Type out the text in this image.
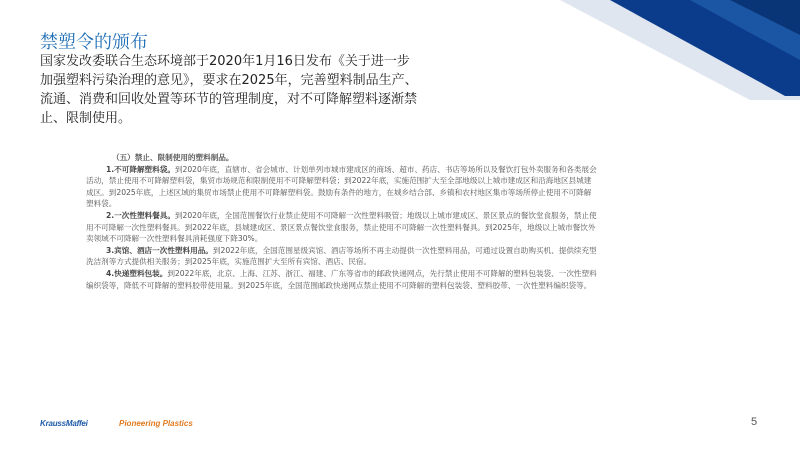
禁塑令的颁布
国家发改委联合生态环境部于2020年1月16日发布《关于进一步加强塑料污染治理的意见》，要求在2025年，完善塑料制品生产、流通、消费和回收处置等环节的管理制度，对不可降解塑料逐渐禁止、限制使用。
（五）禁止、限制使用的塑料制品。

1.不可降解塑料袋。到2020年底，直辖市、省会城市、计划单列市城市建成区的商场、超市、药店、书店等场所以及餐饮打包外卖服务和各类展会活动，禁止使用不可降解塑料袋，集贸市场规范和限制使用不可降解塑料袋；到2022年底，实施范围扩大至全部地级以上城市建成区和沿海地区县城建成区。到2025年底，上述区域的集贸市场禁止使用不可降解塑料袋。鼓励有条件的地方，在城乡结合部、乡镇和农村地区集市等场所停止使用不可降解塑料袋。

2.一次性塑料餐具。到2020年底，全国范围餐饮行业禁止使用不可降解一次性塑料吸管；地级以上城市建成区、景区景点的餐饮堂食服务，禁止使用不可降解一次性塑料餐具。到2022年底，县城建成区、景区景点餐饮堂食服务，禁止使用不可降解一次性塑料餐具。到2025年，地级以上城市餐饮外卖领域不可降解一次性塑料餐具消耗强度下降30%。

3.宾馆、酒店一次性塑料用品。到2022年底，全国范围星级宾馆、酒店等场所不再主动提供一次性塑料用品，可通过设置自助购买机、提供续充型洗洁剂等方式提供相关服务；到2025年底，实施范围扩大至所有宾馆、酒店、民宿。

4.快递塑料包装。到2022年底，北京、上海、江苏、浙江、福建、广东等省市的邮政快递网点，先行禁止使用不可降解的塑料包装袋、一次性塑料编织袋等，降低不可降解的塑料胶带使用量。到2025年底，全国范围邮政快递网点禁止使用不可降解的塑料包装袋、塑料胶带、一次性塑料编织袋等。

KraussMaffei	Pioneering Plastics	5
